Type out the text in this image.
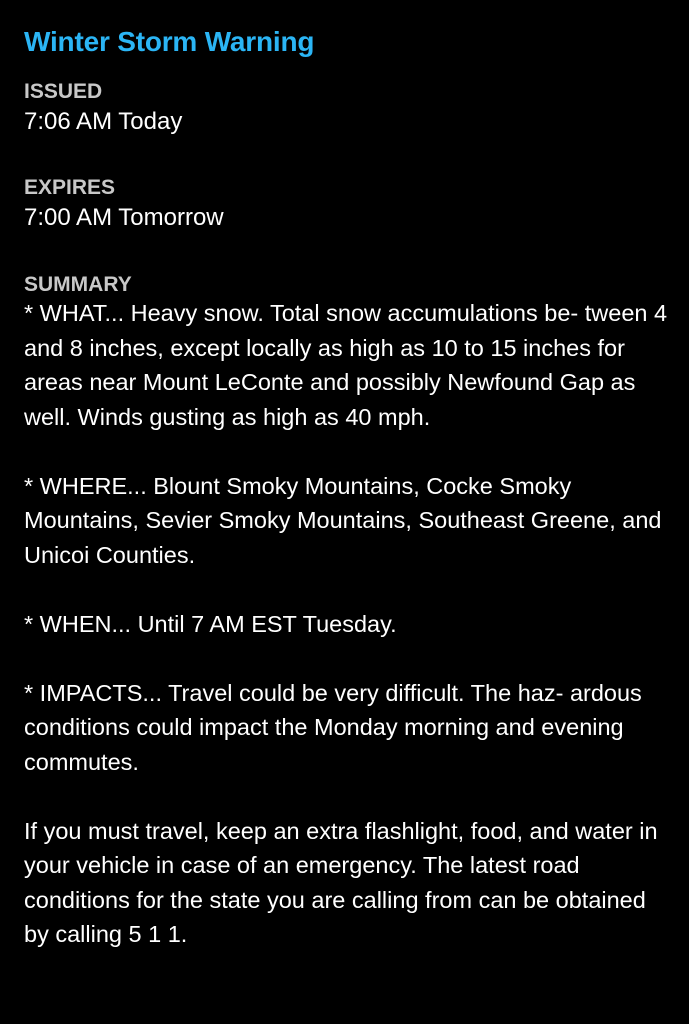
Winter Storm Warning
ISSUED
7:06 AM Today
EXPIRES
7:00 AM Tomorrow
SUMMARY

* WHAT... Heavy snow. Total snow accumulations be- tween 4 and 8 inches, except locally as high as 10 to 15 inches for areas near Mount LeConte and possibly Newfound Gap as well. Winds gusting as high as 40 mph.

* WHERE... Blount Smoky Mountains, Cocke Smoky Mountains, Sevier Smoky Mountains, Southeast Greene, and Unicoi Counties.

* WHEN... Until 7 AM EST Tuesday.

* IMPACTS... Travel could be very difficult. The haz- ardous conditions could impact the Monday morning and evening commutes.

If you must travel, keep an extra flashlight, food, and water in your vehicle in case of an emergency. The latest road conditions for the state you are calling from can be obtained by calling 5 1 1.
